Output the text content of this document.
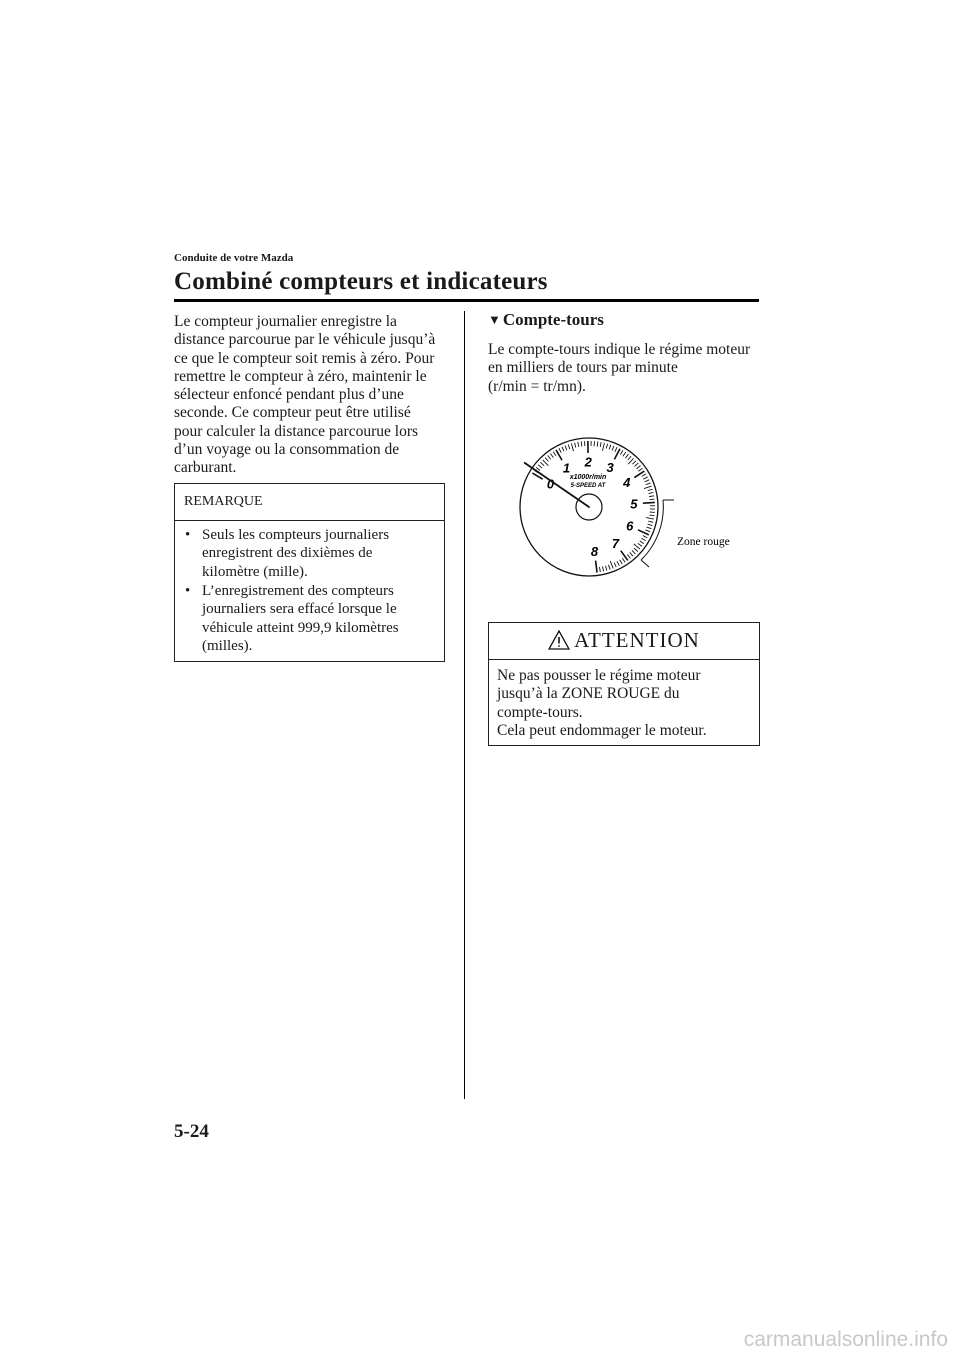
Conduite de votre Mazda
Combiné compteurs et indicateurs
Le compteur journalier enregistre la
distance parcourue par le véhicule jusqu’à
ce que le compteur soit remis à zéro. Pour
remettre le compteur à zéro, maintenir le
sélecteur enfoncé pendant plus d’une
seconde. Ce compteur peut être utilisé
pour calculer la distance parcourue lors
d’un voyage ou la consommation de
carburant.
REMARQUE
• Seuls les compteurs journaliers
enregistrent des dixièmes de
kilomètre (mille).
• L’enregistrement des compteurs
journaliers sera effacé lorsque le
véhicule atteint 999,9 kilomètres
(milles).
▼ Compte-tours
Le compte-tours indique le régime moteur
en milliers de tours par minute
(r/min = tr/mn).
0
1 2 3
4
5
6
7
8
x1000r/min
5-SPEED AT
Zone rouge
ATTENTION
Ne pas pousser le régime moteur
jusqu’à la ZONE ROUGE du
compte-tours.
Cela peut endommager le moteur.
5-24
carmanualsonline.info
